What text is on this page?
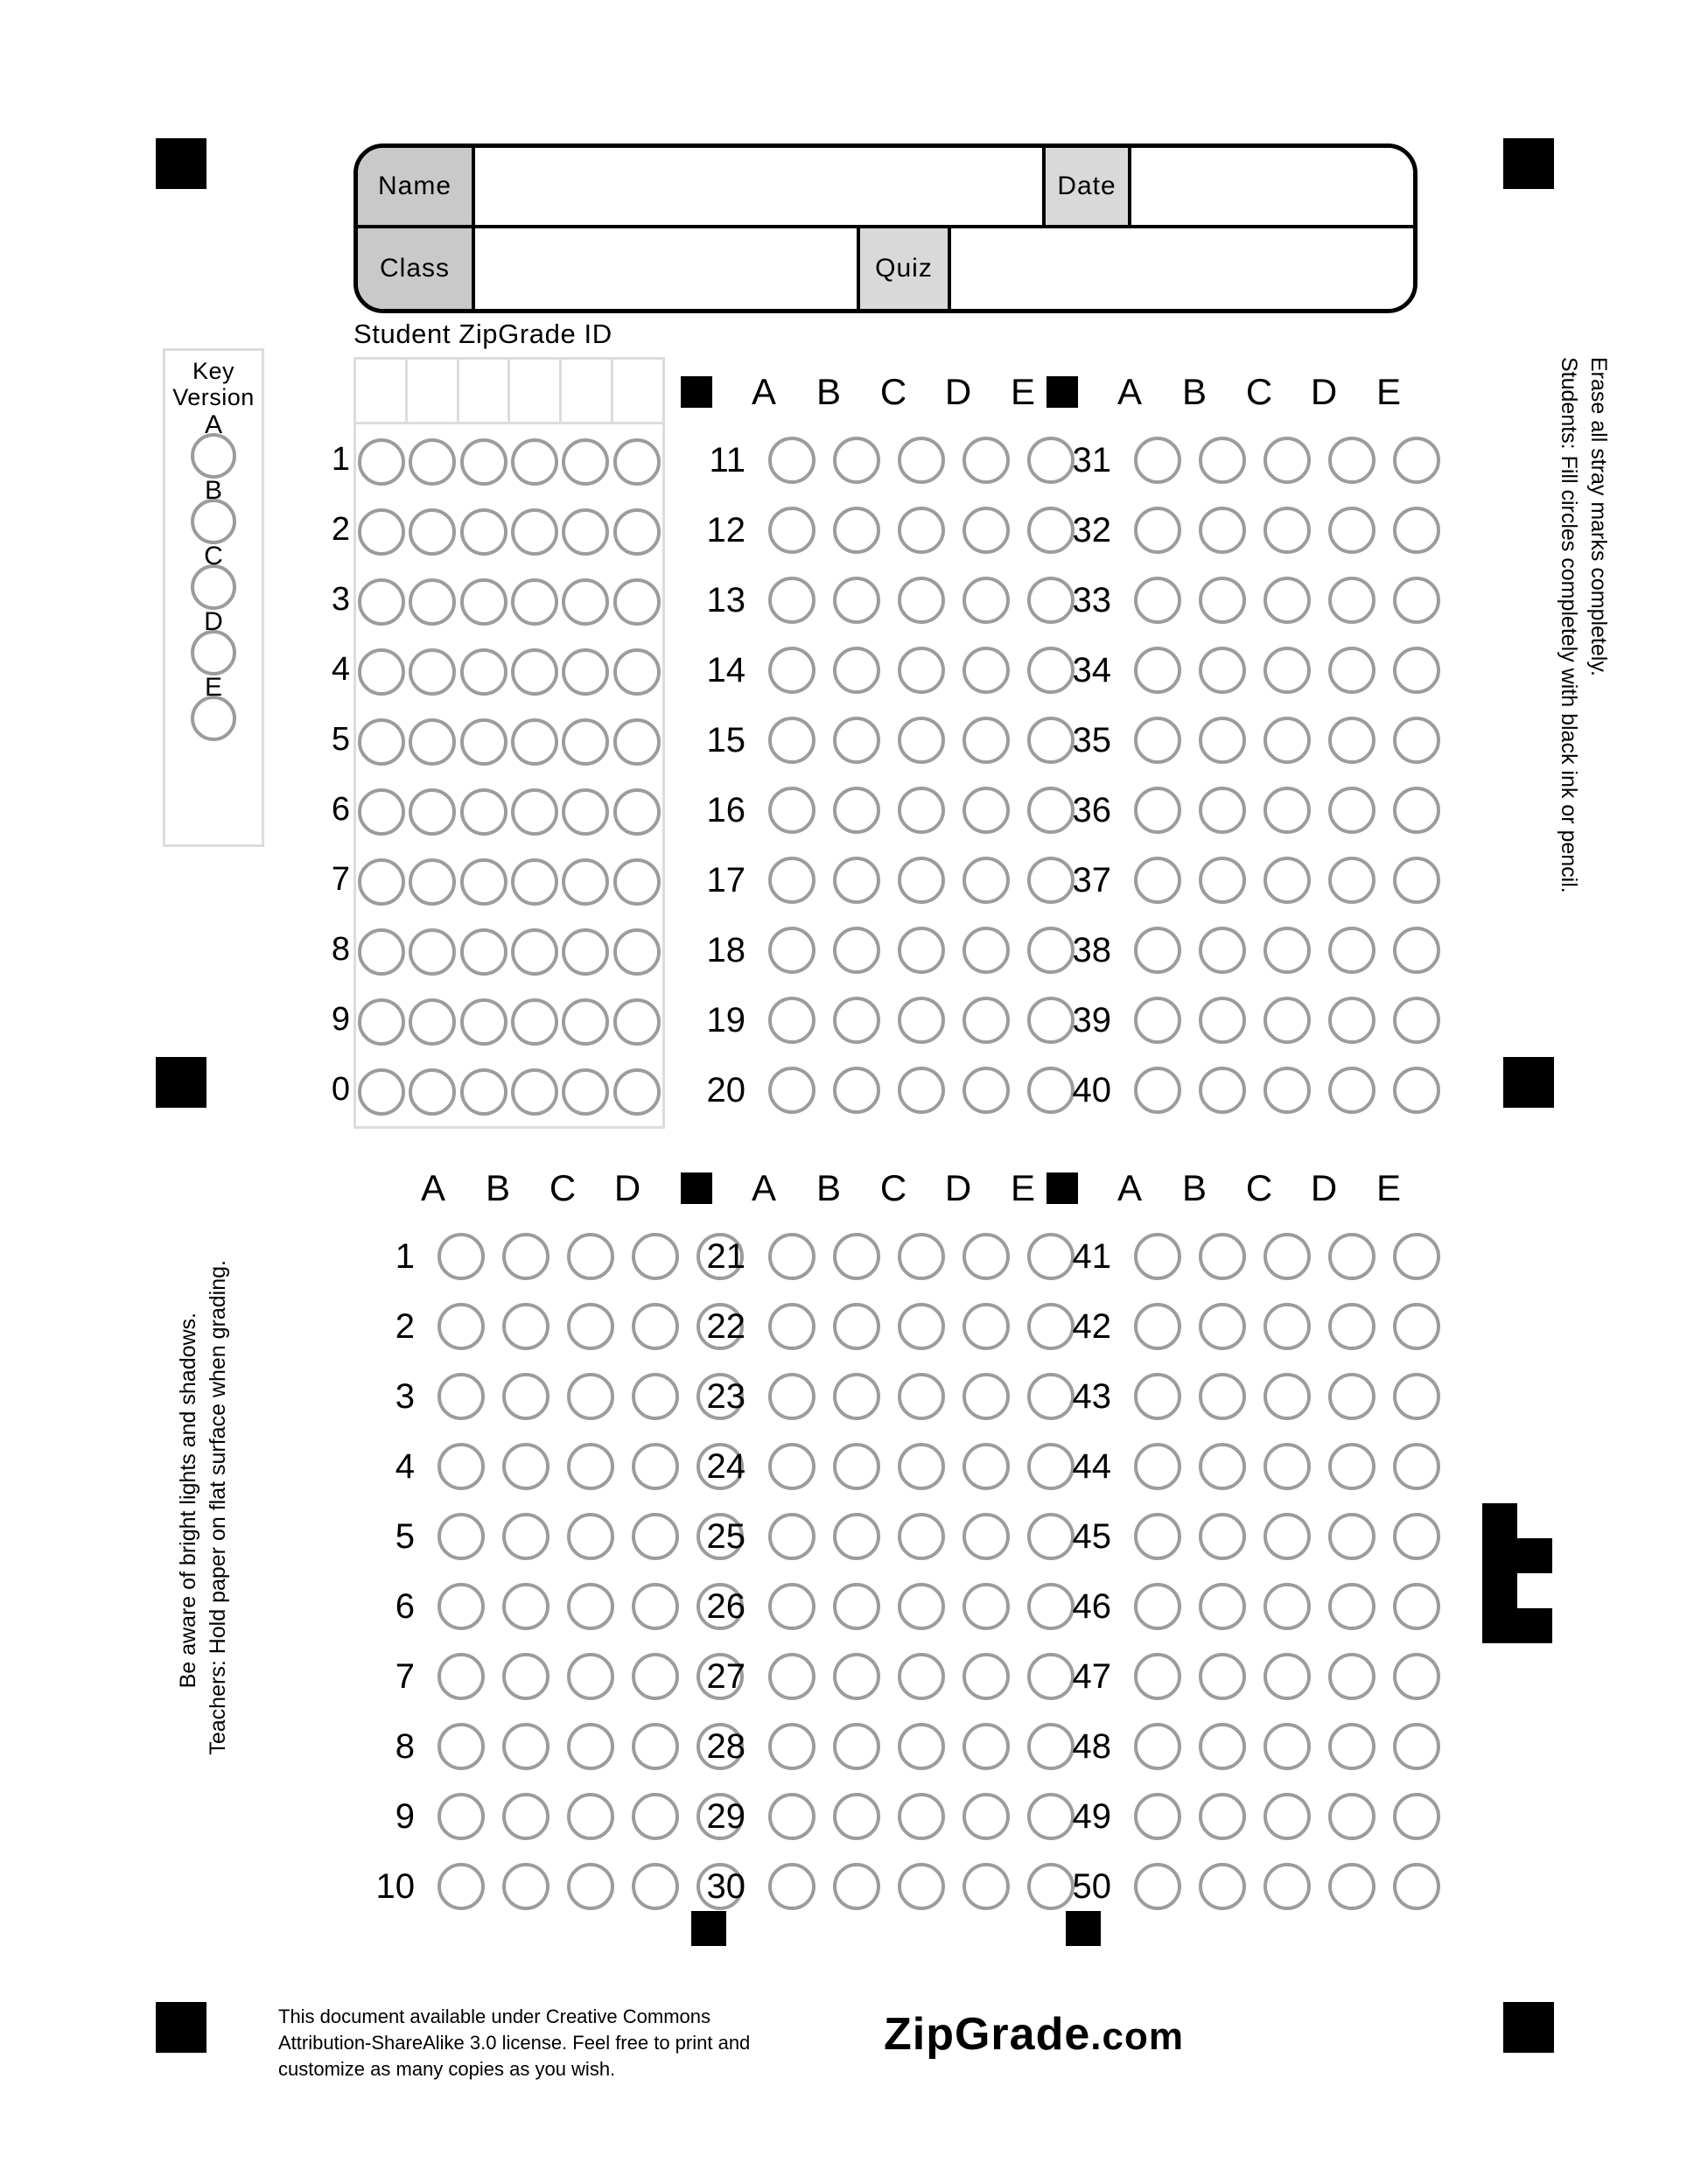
Name	Date
Class	Quiz
Key
Version
A
B
C
D
E
Student ZipGrade ID
1
2
3
4
5
6
7
8
9
0
A	B	C	D
1
2
3
4
5
6
7
8
9
10
A	B	C	D	E
11
12
13
14
15
16
17
18
19
20
A	B	C	D	E
21
22
23
24
25
26
27
28
29
30
A	B	C	D	E
31
32
33
34
35
36
37
38
39
40
A	B	C	D	E
41
42
43
44
45
46
47
48
49
50
Students: Fill circles completely with black ink or pencil. Erase all stray marks completely.
Teachers: Hold paper on flat surface when grading.
Be aware of bright lights and shadows.
This document available under Creative Commons Attribution-ShareAlike 3.0 license. Feel free to print and customize as many copies as you wish.
ZipGrade.com
